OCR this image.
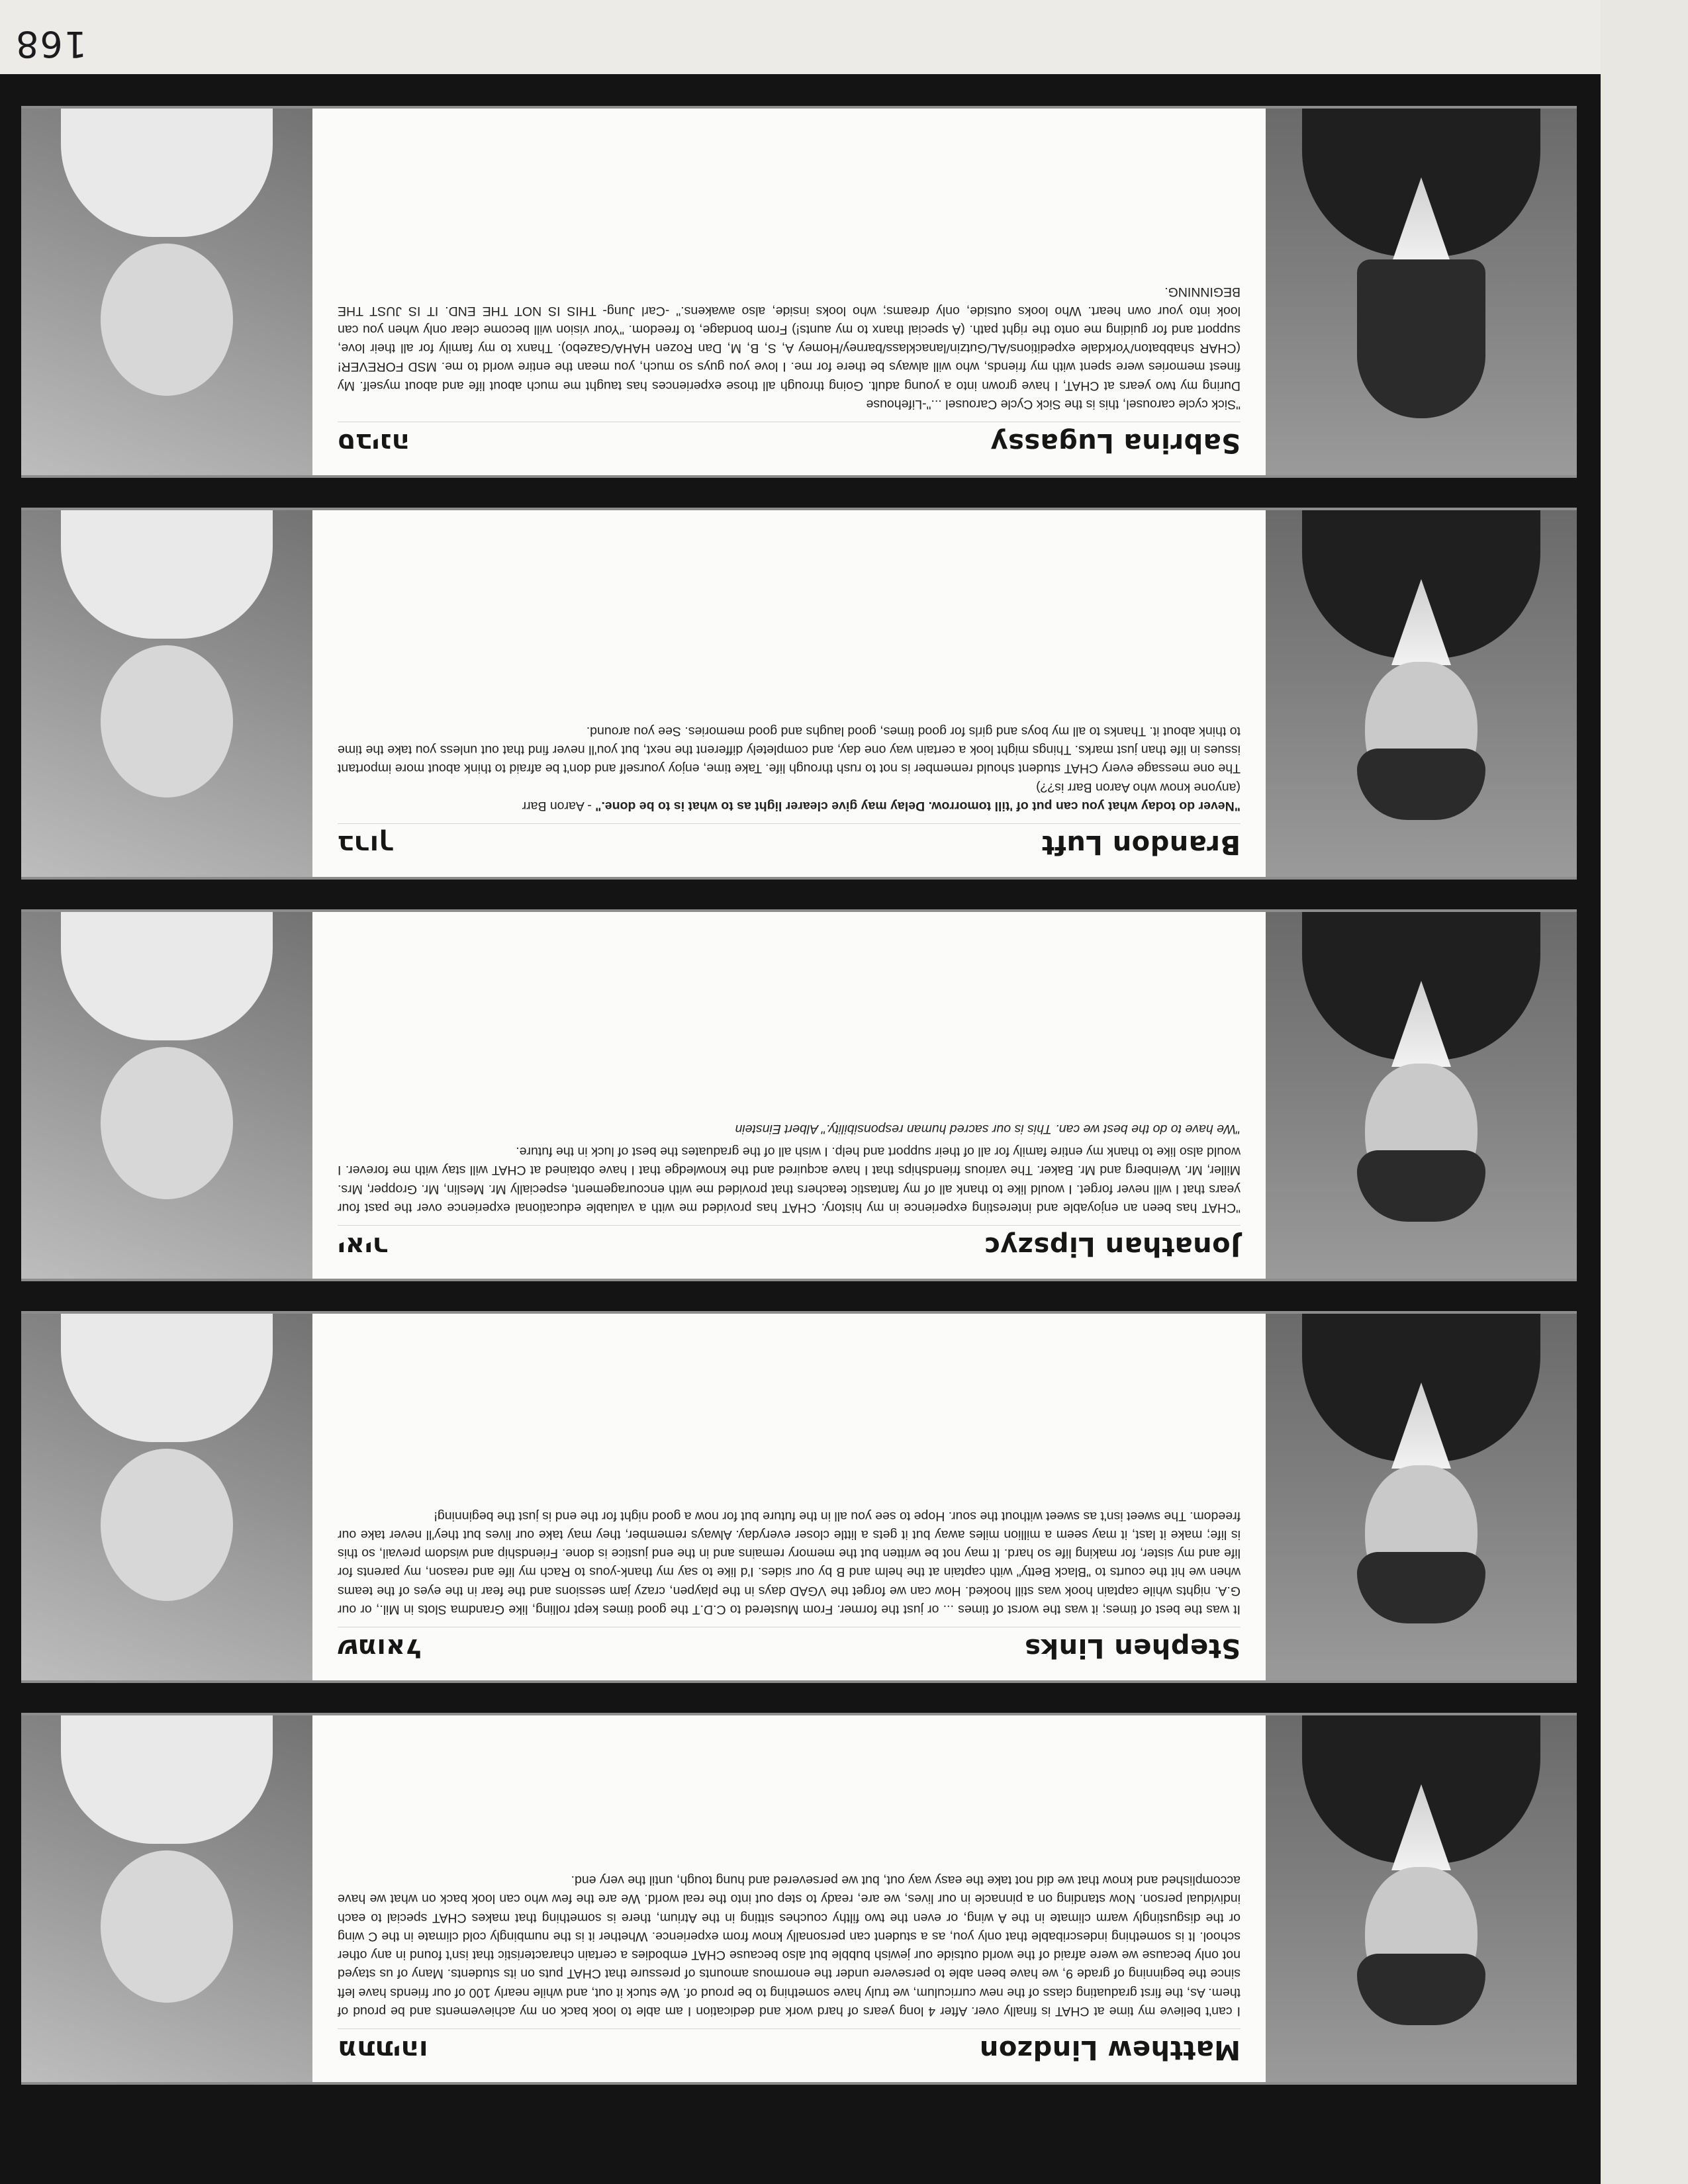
Matthew Lindzon
מתתיהו

I can't believe my time at CHAT is finally over. After 4 long years of hard work and dedication I am able to look back on my achievements and be proud of them. As, the first graduating class of the new curriculum, we truly have something to be proud of. We stuck it out, and while nearly 100 of our friends have left since the beginning of grade 9, we have been able to persevere under the enormous amounts of pressure that CHAT puts on its students. Many of us stayed not only because we were afraid of the world outside our jewish bubble but also because CHAT embodies a certain characteristic that isn't found in any other school. It is something indescribable that only you, as a student can personally know from experience. Whether it is the numbingly cold climate in the C wing or the disgustingly warm climate in the A wing, or even the two filthy couches sitting in the Atrium, there is something that makes CHAT special to each individual person. Now standing on a pinnacle in our lives, we are, ready to step out into the real world. We are the few who can look back on what we have accomplished and know that we did not take the easy way out, but we persevered and hung tough, until the very end.

Stephen Links
שמואל

It was the best of times; it was the worst of times ... or just the former. From Mustered to C.D.T the good times kept rolling, like Grandma Slots in Mil., or our G.A. nights while captain hook was still hooked. How can we forget the VGAD days in the playpen, crazy jam sessions and the fear in the eyes of the teams when we hit the courts to "Black Betty" with captain at the helm and B by our sides. I'd like to say my thank-yous to Rach my life and reason, my parents for life and my sister, for making life so hard. It may not be written but the memory remains and in the end justice is done. Friendship and wisdom prevail, so this is life; make it last, it may seem a million miles away but it gets a little closer everyday. Always remember, they may take our lives but they'll never take our freedom. The sweet isn't as sweet without the sour. Hope to see you all in the future but for now a good night for the end is just the beginning!

Jonathan Lipszyc
יאיר

"CHAT has been an enjoyable and interesting experience in my history. CHAT has provided me with a valuable educational experience over the past four years that I will never forget. I would like to thank all of my fantastic teachers that provided me with encouragement, especially Mr. Meslin, Mr. Gropper, Mrs. Miller, Mr. Weinberg and Mr. Baker. The various friendships that I have acquired and the knowledge that I have obtained at CHAT will stay with me forever. I would also like to thank my entire family for all of their support and help. I wish all of the graduates the best of luck in the future.

"We have to do the best we can. This is our sacred human responsibility." Albert Einstein

Brandon Luft
ברוך

"Never do today what you can put of 'till tomorrow. Delay may give clearer light as to what is to be done." - Aaron Barr

(anyone know who Aaron Barr is??)

The one message every CHAT student should remember is not to rush through life. Take time, enjoy yourself and don't be afraid to think about more important issues in life than just marks. Things might look a certain way one day, and completely different the next, but you'll never find that out unless you take the time to think about it. Thanks to all my boys and girls for good times, good laughs and good memories. See you around.

Sabrina Lugassy
סבינה

"Sick cycle carousel, this is the Sick Cycle Carousel ..."-Lifehouse

During my two years at CHAT, I have grown into a young adult. Going through all those experiences has taught me much about life and about myself. My finest memories were spent with my friends, who will always be there for me. I love you guys so much, you mean the entire world to me. MSD FOREVER! (CHAR shabbaton/Yorkdale expeditions/AL/Gutzin/lanacklass/barney/Homey A, S, B, M, Dan Rozen HAHA/Gazebo). Thanx to my family for all their love, support and for guiding me onto the right path. (A special thanx to my aunts!) From bondage, to freedom. "Your vision will become clear only when you can look into your own heart. Who looks outside, only dreams; who looks inside, also awakens." -Carl Jung- THIS IS NOT THE END. IT IS JUST THE BEGINNING.

168
